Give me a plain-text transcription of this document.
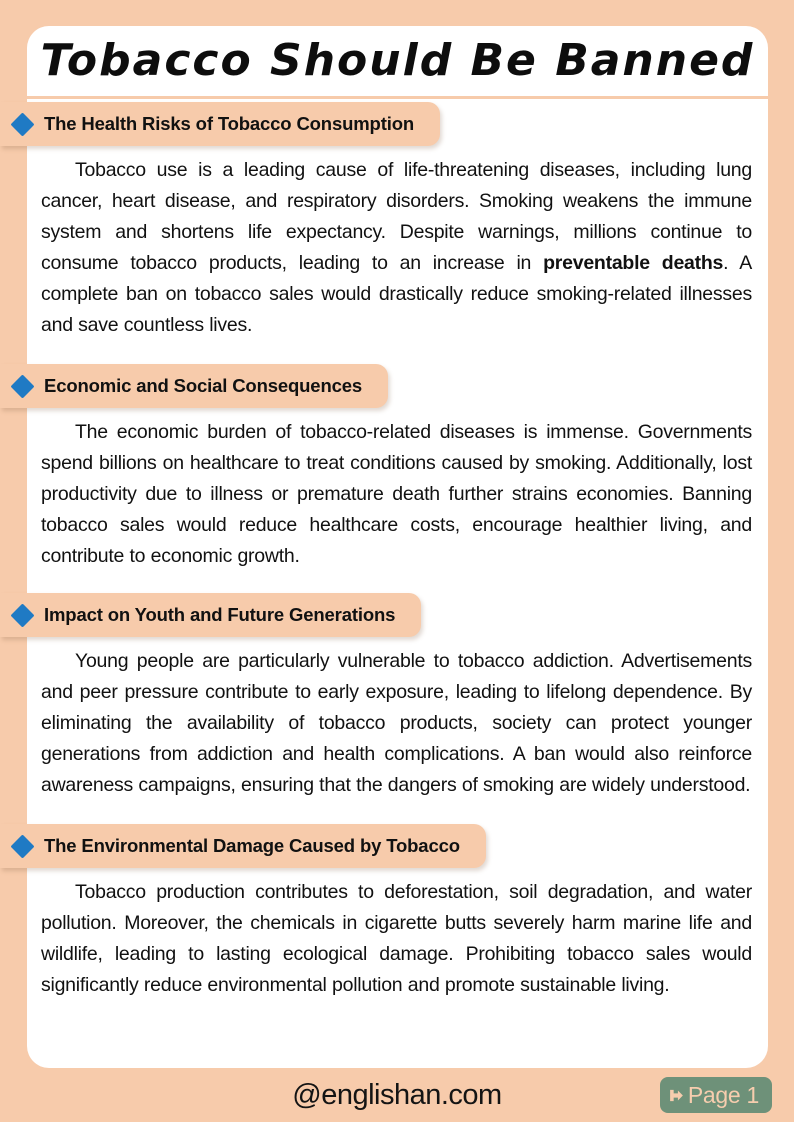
Tobacco Should Be Banned
The Health Risks of Tobacco Consumption

Tobacco use is a leading cause of life-threatening diseases, including lung cancer, heart disease, and respiratory disorders. Smoking weakens the immune system and shortens life expectancy. Despite warnings, millions continue to consume tobacco products, leading to an increase in preventable deaths. A complete ban on tobacco sales would drastically reduce smoking-related illnesses and save countless lives.

Economic and Social Consequences

The economic burden of tobacco-related diseases is immense. Governments spend billions on healthcare to treat conditions caused by smoking. Additionally, lost productivity due to illness or premature death further strains economies. Banning tobacco sales would reduce healthcare costs, encourage healthier living, and contribute to economic growth.

Impact on Youth and Future Generations

Young people are particularly vulnerable to tobacco addiction. Advertisements and peer pressure contribute to early exposure, leading to lifelong dependence. By eliminating the availability of tobacco products, society can protect younger generations from addiction and health complications. A ban would also reinforce awareness campaigns, ensuring that the dangers of smoking are widely understood.

The Environmental Damage Caused by Tobacco

Tobacco production contributes to deforestation, soil degradation, and water pollution. Moreover, the chemicals in cigarette butts severely harm marine life and wildlife, leading to lasting ecological damage. Prohibiting tobacco sales would significantly reduce environmental pollution and promote sustainable living.

@englishan.com	Page 1
